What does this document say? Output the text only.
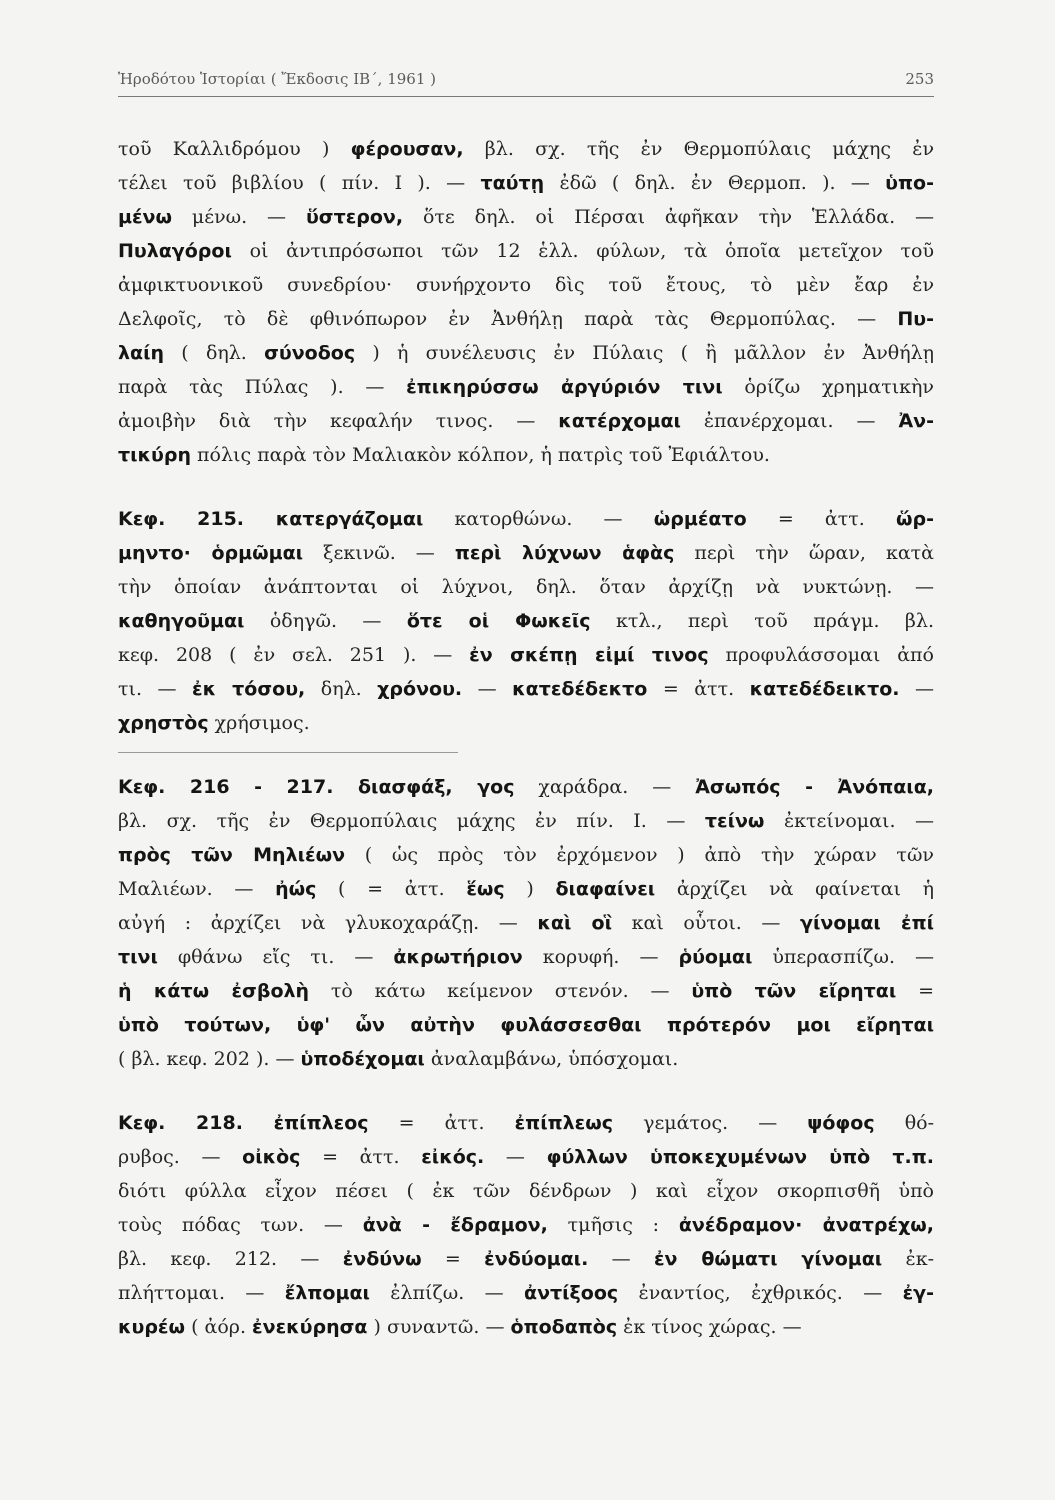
Ἡροδότου Ἱστορίαι ( Ἔκδοσις ΙΒ΄, 1961 )	253
τοῦ Καλλιδρόμου ) φέρουσαν, βλ. σχ. τῆς ἐν Θερμοπύλαις μάχης ἐν
τέλει τοῦ βιβλίου ( πίν. Ι ). — ταύτῃ ἐδῶ ( δηλ. ἐν Θερμοπ. ). — ὑπο-
μένω μένω. — ὕστερον, ὅτε δηλ. οἱ Πέρσαι ἀφῆκαν τὴν Ἑλλάδα. —
Πυλαγόροι οἱ ἀντιπρόσωποι τῶν 12 ἑλλ. φύλων, τὰ ὁποῖα μετεῖχον τοῦ
ἀμφικτυονικοῦ συνεδρίου· συνήρχοντο δὶς τοῦ ἔτους, τὸ μὲν ἔαρ ἐν
Δελφοῖς, τὸ δὲ φθινόπωρον ἐν Ἀνθήλῃ παρὰ τὰς Θερμοπύλας. — Πυ-
λαίη ( δηλ. σύνοδος ) ἡ συνέλευσις ἐν Πύλαις ( ἢ μᾶλλον ἐν Ἀνθήλῃ
παρὰ τὰς Πύλας ). — ἐπικηρύσσω ἀργύριόν τινι ὁρίζω χρηματικὴν
ἀμοιβὴν διὰ τὴν κεφαλήν τινος. — κατέρχομαι ἐπανέρχομαι. — Ἀν-
τικύρη πόλις παρὰ τὸν Μαλιακὸν κόλπον, ἡ πατρὶς τοῦ Ἐφιάλτου.
Κεφ. 215. κατεργάζομαι κατορθώνω. — ὡρμέατο = ἀττ. ὥρ-
μηντο· ὁρμῶμαι ξεκινῶ. — περὶ λύχνων ἁφὰς περὶ τὴν ὥραν, κατὰ
τὴν ὁποίαν ἀνάπτονται οἱ λύχνοι, δηλ. ὅταν ἀρχίζῃ νὰ νυκτώνῃ. —
καθηγοῦμαι ὁδηγῶ. — ὅτε οἱ Φωκεῖς κτλ., περὶ τοῦ πράγμ. βλ.
κεφ. 208 ( ἐν σελ. 251 ). — ἐν σκέπῃ εἰμί τινος προφυλάσσομαι ἀπό
τι. — ἐκ τόσου, δηλ. χρόνου. — κατεδέδεκτο = ἀττ. κατεδέδεικτο. —
χρηστὸς χρήσιμος.
Κεφ. 216 - 217. διασφάξ, γος χαράδρα. — Ἀσωπός - Ἀνόπαια,
βλ. σχ. τῆς ἐν Θερμοπύλαις μάχης ἐν πίν. Ι. — τείνω ἐκτείνομαι. —
πρὸς τῶν Μηλιέων ( ὡς πρὸς τὸν ἐρχόμενον ) ἀπὸ τὴν χώραν τῶν
Μαλιέων. — ἠώς ( = ἀττ. ἕως ) διαφαίνει ἀρχίζει νὰ φαίνεται ἡ
αὐγή : ἀρχίζει νὰ γλυκοχαράζῃ. — καὶ οἳ καὶ οὗτοι. — γίνομαι ἐπί
τινι φθάνω εἴς τι. — ἀκρωτήριον κορυφή. — ῥύομαι ὑπερασπίζω. —
ἡ κάτω ἐσβολὴ τὸ κάτω κείμενον στενόν. — ὑπὸ τῶν εἴρηται =
ὑπὸ τούτων, ὑφ' ὧν αὐτὴν φυλάσσεσθαι πρότερόν μοι εἴρηται
( βλ. κεφ. 202 ). — ὑποδέχομαι ἀναλαμβάνω, ὑπόσχομαι.
Κεφ. 218. ἐπίπλεος = ἀττ. ἐπίπλεως γεμάτος. — ψόφος θό-
ρυβος. — οἰκὸς = ἀττ. εἰκός. — φύλλων ὑποκεχυμένων ὑπὸ τ.π.
διότι φύλλα εἶχον πέσει ( ἐκ τῶν δένδρων ) καὶ εἶχον σκορπισθῆ ὑπὸ
τοὺς πόδας των. — ἀνὰ - ἔδραμον, τμῆσις : ἀνέδραμον· ἀνατρέχω,
βλ. κεφ. 212. — ἐνδύνω = ἐνδύομαι. — ἐν θώματι γίνομαι ἐκ-
πλήττομαι. — ἔλπομαι ἐλπίζω. — ἀντίξοος ἐναντίος, ἐχθρικός. — ἐγ-
κυρέω ( ἀόρ. ἐνεκύρησα ) συναντῶ. — ὁποδαπὸς ἐκ τίνος χώρας. —
